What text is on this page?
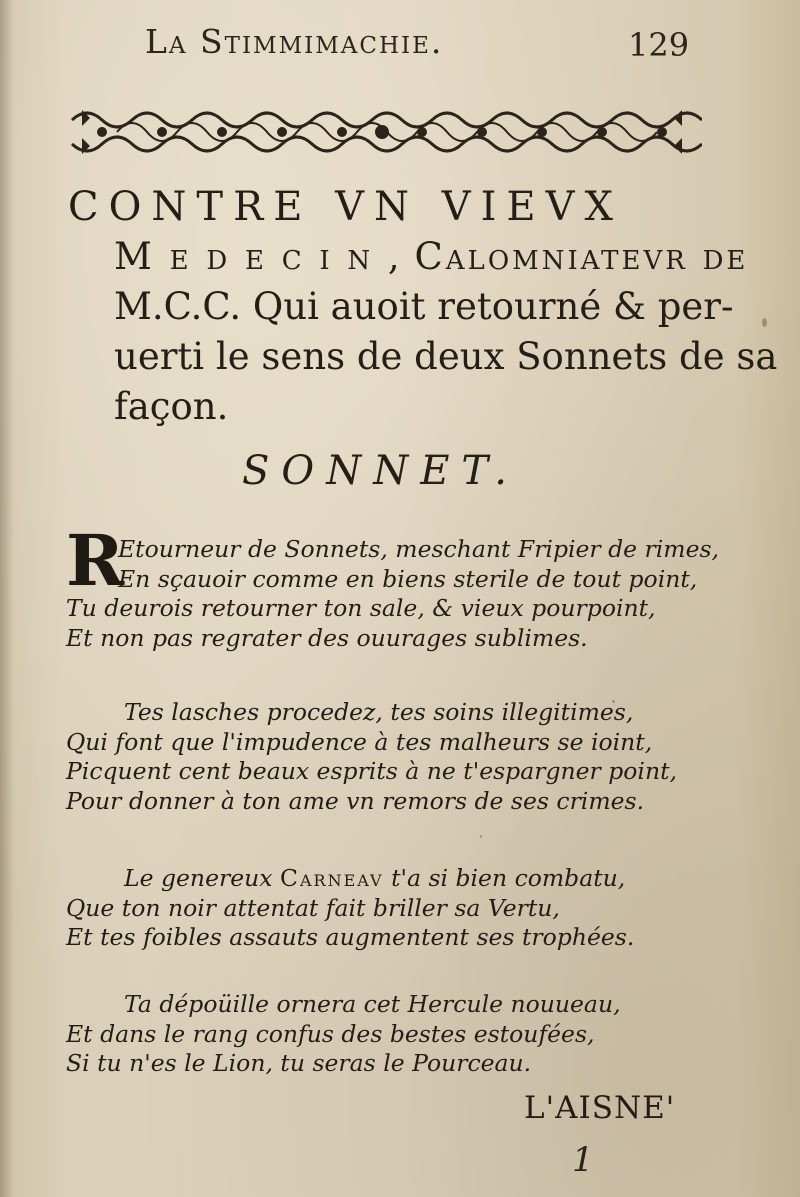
La Stimmimachie.	129
CONTRE VN VIEVX
M e d e c i n , Calomniatevr de
M.C.C. Qui auoit retourné & per-
uerti le sens de deux Sonnets de sa
façon.
SONNET.
R
Etourneur de Sonnets, meschant Fripier de rimes,
En sçauoir comme en biens sterile de tout point,
Tu deurois retourner ton sale, & vieux pourpoint,
Et non pas regrater des ouurages sublimes.
Tes lasches procedez, tes soins illegitimes,
Qui font que l'impudence à tes malheurs se ioint,
Picquent cent beaux esprits à ne t'espargner point,
Pour donner à ton ame vn remors de ses crimes.
Le genereux Carneav t'a si bien combatu,
Que ton noir attentat fait briller sa Vertu,
Et tes foibles assauts augmentent ses trophées.
Ta dépoüille ornera cet Hercule nouueau,
Et dans le rang confus des bestes estoufées,
Si tu n'es le Lion, tu seras le Pourceau.
L'AISNE'
1
